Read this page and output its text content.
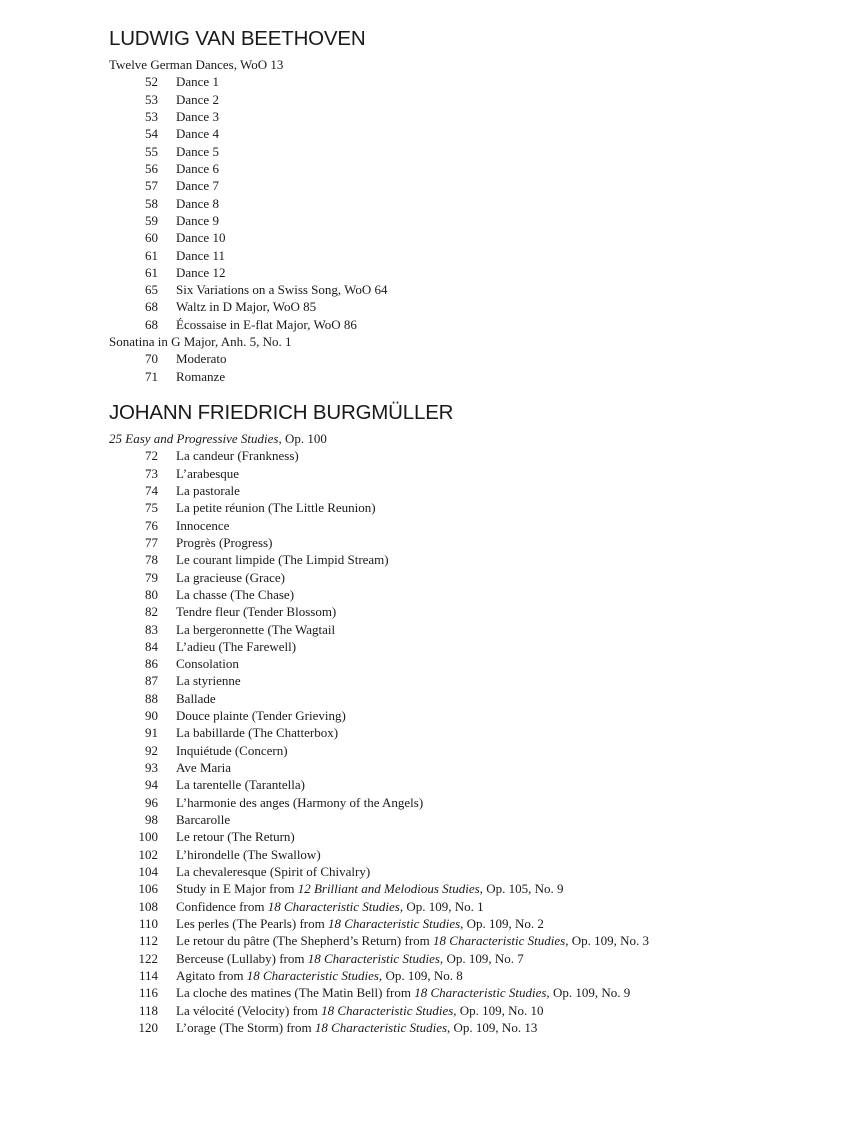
LUDWIG VAN BEETHOVEN
Twelve German Dances, WoO 13
52 Dance 1
53 Dance 2
53 Dance 3
54 Dance 4
55 Dance 5
56 Dance 6
57 Dance 7
58 Dance 8
59 Dance 9
60 Dance 10
61 Dance 11
61 Dance 12
65 Six Variations on a Swiss Song, WoO 64
68 Waltz in D Major, WoO 85
68 Écossaise in E-flat Major, WoO 86
Sonatina in G Major, Anh. 5, No. 1
70 Moderato
71 Romanze
JOHANN FRIEDRICH BURGMÜLLER
25 Easy and Progressive Studies, Op. 100
72 La candeur (Frankness)
73 L’arabesque
74 La pastorale
75 La petite réunion (The Little Reunion)
76 Innocence
77 Progrès (Progress)
78 Le courant limpide (The Limpid Stream)
79 La gracieuse (Grace)
80 La chasse (The Chase)
82 Tendre fleur (Tender Blossom)
83 La bergeronnette (The Wagtail
84 L’adieu (The Farewell)
86 Consolation
87 La styrienne
88 Ballade
90 Douce plainte (Tender Grieving)
91 La babillarde (The Chatterbox)
92 Inquiétude (Concern)
93 Ave Maria
94 La tarentelle (Tarantella)
96 L’harmonie des anges (Harmony of the Angels)
98 Barcarolle
100 Le retour (The Return)
102 L’hirondelle (The Swallow)
104 La chevaleresque (Spirit of Chivalry)
106 Study in E Major from 12 Brilliant and Melodious Studies, Op. 105, No. 9
108 Confidence from 18 Characteristic Studies, Op. 109, No. 1
110 Les perles (The Pearls) from 18 Characteristic Studies, Op. 109, No. 2
112 Le retour du pâtre (The Shepherd’s Return) from 18 Characteristic Studies, Op. 109, No. 3
122 Berceuse (Lullaby) from 18 Characteristic Studies, Op. 109, No. 7
114 Agitato from 18 Characteristic Studies, Op. 109, No. 8
116 La cloche des matines (The Matin Bell) from 18 Characteristic Studies, Op. 109, No. 9
118 La vélocité (Velocity) from 18 Characteristic Studies, Op. 109, No. 10
120 L’orage (The Storm) from 18 Characteristic Studies, Op. 109, No. 13
